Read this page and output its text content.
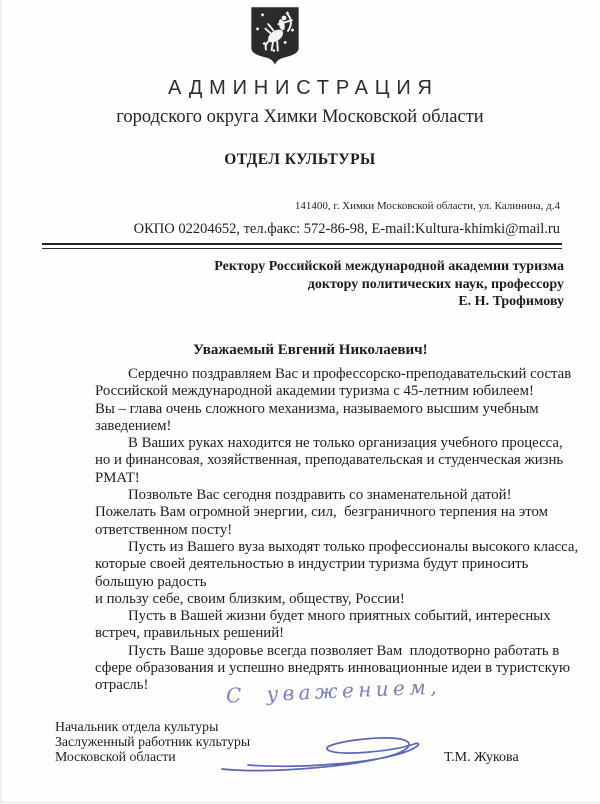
АДМИНИСТРАЦИЯ
городского округа Химки Московской области
ОТДЕЛ КУЛЬТУРЫ
141400, г. Химки Московской области, ул. Калинина, д.4
ОКПО 02204652, тел.факс: 572-86-98, E-mail:Kultura-khimki@mail.ru
Ректору Российской международной академии туризма
доктору политических наук, профессору
Е. Н. Трофимову
Уважаемый Евгений Николаевич!
Сердечно поздравляем Вас и профессорско-преподавательский состав
Российской международной академии туризма с 45-летним юбилеем!
Вы – глава очень сложного механизма, называемого высшим учебным
заведением!
В Ваших руках находится не только организация учебного процесса,
но и финансовая, хозяйственная, преподавательская и студенческая жизнь
РМАТ!
Позвольте Вас сегодня поздравить со знаменательной датой!
Пожелать Вам огромной энергии, сил,  безграничного терпения на этом
ответственном посту!
Пусть из Вашего вуза выходят только профессионалы высокого класса,
которые своей деятельностью в индустрии туризма будут приносить
большую радость
и пользу себе, своим близким, обществу, России!
Пусть в Вашей жизни будет много приятных событий, интересных
встреч, правильных решений!
Пусть Ваше здоровье всегда позволяет Вам  плодотворно работать в
сфере образования и успешно внедрять инновационные идеи в туристскую
отрасль!	С уважением,
Начальник отдела культуры
Заслуженный работник культуры
Московской области	Т.М. Жукова
